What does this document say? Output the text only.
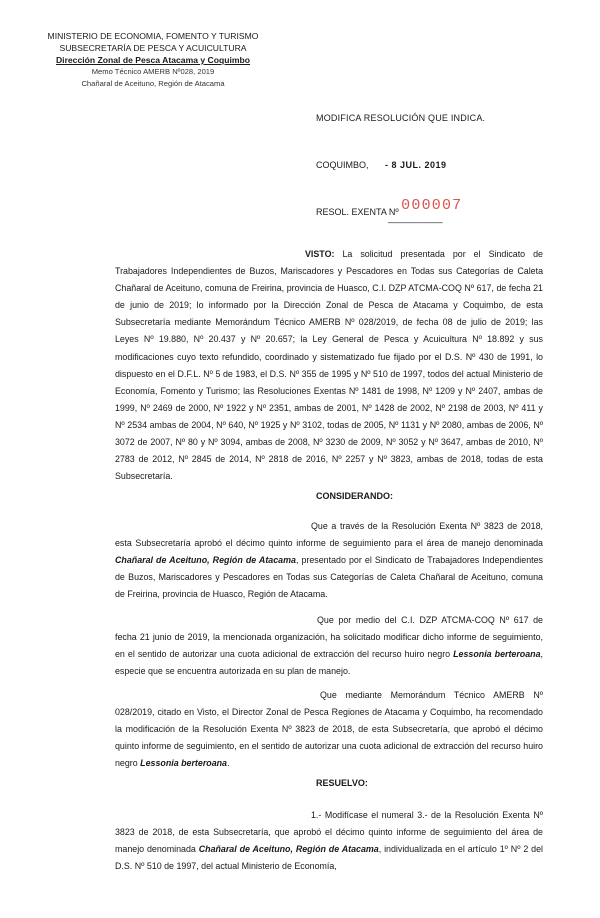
MINISTERIO DE ECONOMIA, FOMENTO Y TURISMO
SUBSECRETARÍA DE PESCA Y ACUICULTURA
Dirección Zonal de Pesca Atacama y Coquimbo
Memo Técnico AMERB Nº028, 2019
Chañaral de Aceituno, Región de Atacama
MODIFICA RESOLUCIÓN QUE INDICA.
COQUIMBO, - 8 JUL. 2019
RESOL. EXENTA Nº 000007

____________
VISTO: La solicitud presentada por el Sindicato de Trabajadores Independientes de Buzos, Mariscadores y Pescadores en Todas sus Categorías de Caleta Chañaral de Aceituno, comuna de Freirina, provincia de Huasco, C.I. DZP ATCMA-COQ Nº 617, de fecha 21 de junio de 2019; lo informado por la Dirección Zonal de Pesca de Atacama y Coquimbo, de esta Subsecretaría mediante Memorándum Técnico AMERB Nº 028/2019, de fecha 08 de julio de 2019; las Leyes Nº 19.880, Nº 20.437 y Nº 20.657; la Ley General de Pesca y Acuicultura Nº 18.892 y sus modificaciones cuyo texto refundido, coordinado y sistematizado fue fijado por el D.S. Nº 430 de 1991, lo dispuesto en el D.F.L. Nº 5 de 1983, el D.S. Nº 355 de 1995 y Nº 510 de 1997, todos del actual Ministerio de Economía, Fomento y Turismo; las Resoluciones Exentas Nº 1481 de 1998, Nº 1209 y Nº 2407, ambas de 1999, Nº 2469 de 2000, Nº 1922 y Nº 2351, ambas de 2001, Nº 1428 de 2002, Nº 2198 de 2003, Nº 411 y Nº 2534 ambas de 2004, Nº 640, Nº 1925 y Nº 3102, todas de 2005, Nº 1131 y Nº 2080, ambas de 2006, Nº 3072 de 2007, Nº 80 y Nº 3094, ambas de 2008, Nº 3230 de 2009, Nº 3052 y Nº 3647, ambas de 2010, Nº 2783 de 2012, Nº 2845 de 2014, Nº 2818 de 2016, Nº 2257 y Nº 3823, ambas de 2018, todas de esta Subsecretaría.
CONSIDERANDO:
Que a través de la Resolución Exenta Nº 3823 de 2018, esta Subsecretaría aprobó el décimo quinto informe de seguimiento para el área de manejo denominada Chañaral de Aceituno, Región de Atacama, presentado por el Sindicato de Trabajadores Independientes de Buzos, Mariscadores y Pescadores en Todas sus Categorías de Caleta Chañaral de Aceituno, comuna de Freirina, provincia de Huasco, Región de Atacama.
Que por medio del C.I. DZP ATCMA-COQ Nº 617 de fecha 21 junio de 2019, la mencionada organización, ha solicitado modificar dicho informe de seguimiento, en el sentido de autorizar una cuota adicional de extracción del recurso huiro negro Lessonia berteroana, especie que se encuentra autorizada en su plan de manejo.
Que mediante Memorándum Técnico AMERB Nº 028/2019, citado en Visto, el Director Zonal de Pesca Regiones de Atacama y Coquimbo, ha recomendado la modificación de la Resolución Exenta Nº 3823 de 2018, de esta Subsecretaría, que aprobó el décimo quinto informe de seguimiento, en el sentido de autorizar una cuota adicional de extracción del recurso huiro negro Lessonia berteroana.
RESUELVO:
1.- Modifícase el numeral 3.- de la Resolución Exenta Nº 3823 de 2018, de esta Subsecretaría, que aprobó el décimo quinto informe de seguimiento del área de manejo denominada Chañaral de Aceituno, Región de Atacama, individualizada en el artículo 1º Nº 2 del D.S. Nº 510 de 1997, del actual Ministerio de Economía,
